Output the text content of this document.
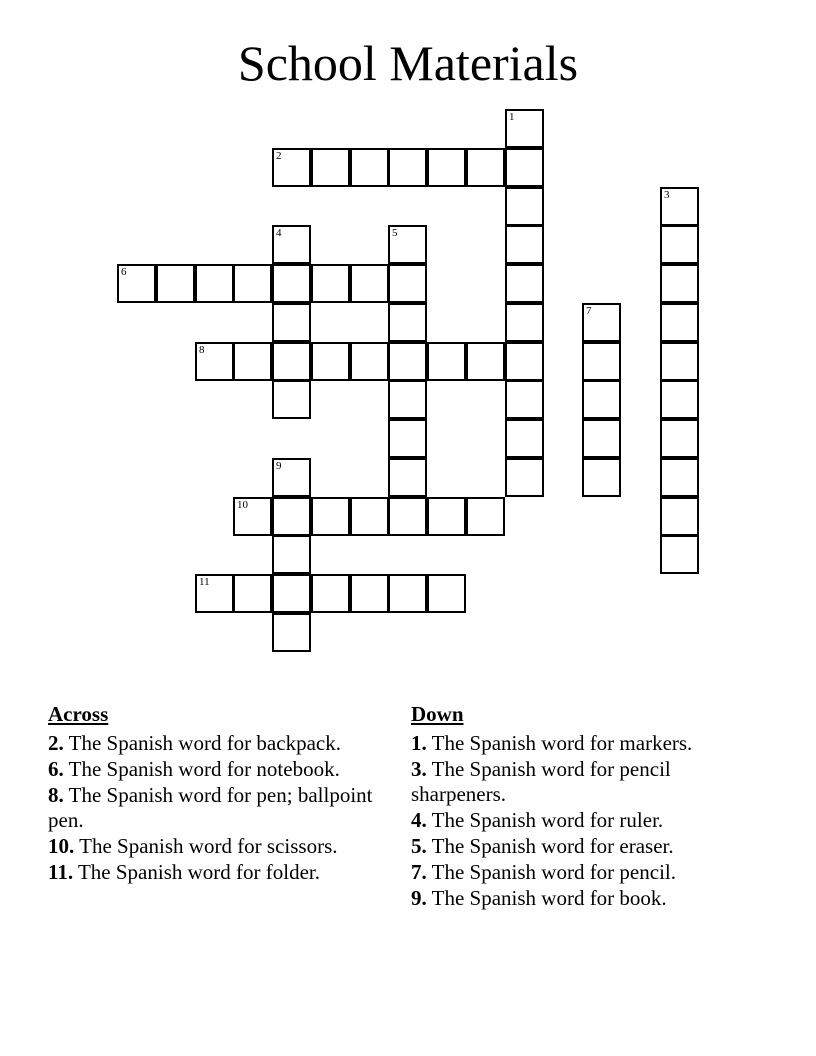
School Materials
1
2
3
4	5
6
7
8
9
10
11
Across
2. The Spanish word for backpack.
6. The Spanish word for notebook.
8. The Spanish word for pen; ballpoint pen.
10. The Spanish word for scissors.
11. The Spanish word for folder.
Down
1. The Spanish word for markers.
3. The Spanish word for pencil sharpeners.
4. The Spanish word for ruler.
5. The Spanish word for eraser.
7. The Spanish word for pencil.
9. The Spanish word for book.
